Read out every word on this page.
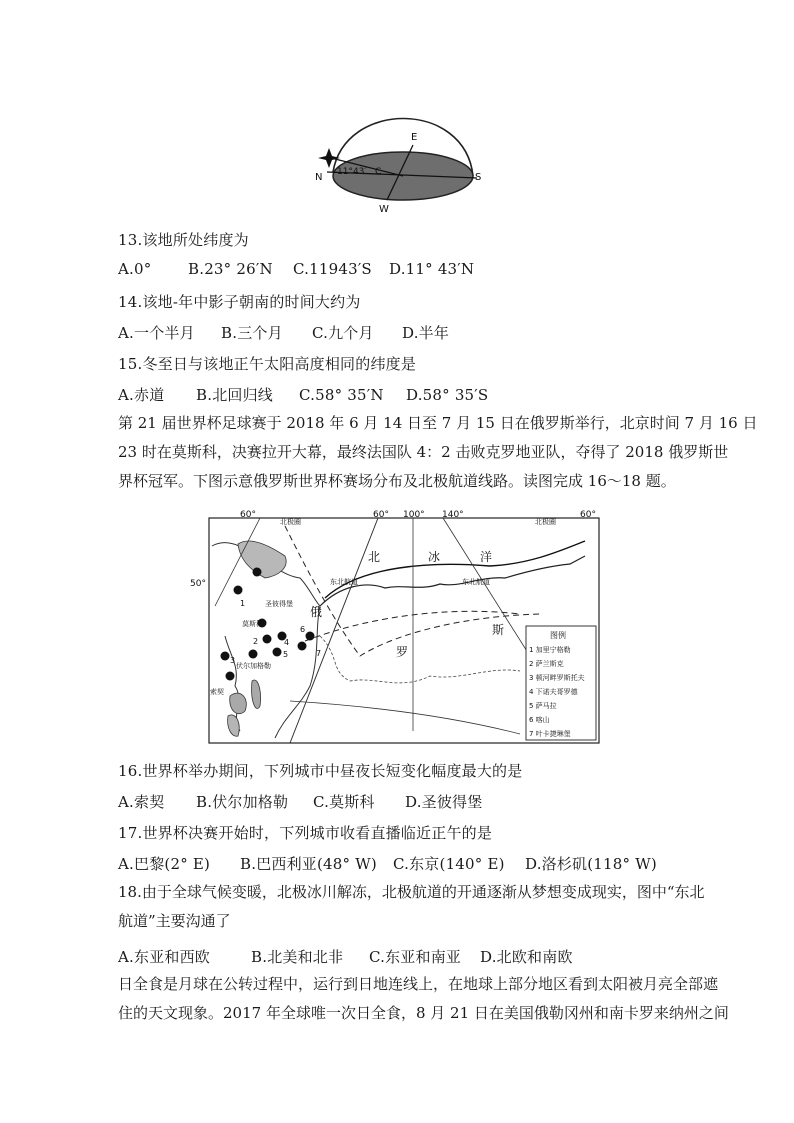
E
N	S
W
11°43′ C
13.该地所处纬度为
A.0° B.23° 26′N C.11943′S D.11° 43′N
14.该地-年中影子朝南的时间大约为
A.一个半月 B.三个月 C.九个月 D.半年
15.冬至日与该地正午太阳高度相同的纬度是
A.赤道 B.北回归线 C.58° 35′N D.58° 35′S

第 21 届世界杯足球赛于 2018 年 6 月 14 日至 7 月 15 日在俄罗斯举行，北京时间 7 月 16 日

23 时在莫斯科，决赛拉开大幕，最终法国队 4：2 击败克罗地亚队，夺得了 2018 俄罗斯世

界杯冠军。下图示意俄罗斯世界杯赛场分布及北极航道线路。读图完成 16～18 题。

60°
北极圈
60° 100° 140°
北极圈
60°
50°
北	冰	洋
东北航道	东北航道
圣彼得堡
莫斯科
伏尔加格勒
索契
俄
罗
斯
1
2
3
4
5
6
7
图例
1 加里宁格勒
2 萨兰斯克
3 顿河畔罗斯托夫
4 下诺夫哥罗德
5 萨马拉
6 喀山
7 叶卡捷琳堡
16.世界杯举办期间，下列城市中昼夜长短变化幅度最大的是
A.索契 B.伏尔加格勒 C.莫斯科 D.圣彼得堡
17.世界杯决赛开始时，下列城市收看直播临近正午的是
A.巴黎(2° E) B.巴西利亚(48° W) C.东京(140° E) D.洛杉矶(118° W)

18.由于全球气候变暖，北极冰川解冻，北极航道的开通逐渐从梦想变成现实，图中“东北

航道”主要沟通了

A.东亚和西欧	B.北美和北非 C.东亚和南亚 D.北欧和南欧

日全食是月球在公转过程中，运行到日地连线上，在地球上部分地区看到太阳被月亮全部遮

住的天文现象。2017 年全球唯一次日全食，8 月 21 日在美国俄勒冈州和南卡罗来纳州之间
